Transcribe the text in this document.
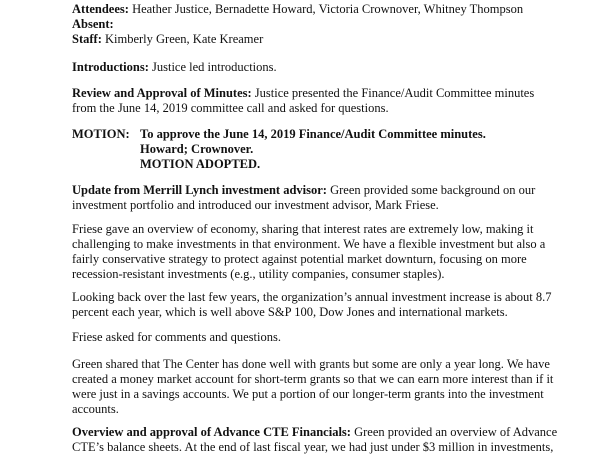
Attendees: Heather Justice, Bernadette Howard, Victoria Crownover, Whitney Thompson
Absent:
Staff: Kimberly Green, Kate Kreamer
Introductions: Justice led introductions.
Review and Approval of Minutes: Justice presented the Finance/Audit Committee minutes
from the June 14, 2019 committee call and asked for questions.
MOTION: To approve the June 14, 2019 Finance/Audit Committee minutes.
Howard; Crownover.
MOTION ADOPTED.
Update from Merrill Lynch investment advisor: Green provided some background on our
investment portfolio and introduced our investment advisor, Mark Friese.
Friese gave an overview of economy, sharing that interest rates are extremely low, making it
challenging to make investments in that environment. We have a flexible investment but also a
fairly conservative strategy to protect against potential market downturn, focusing on more
recession-resistant investments (e.g., utility companies, consumer staples).
Looking back over the last few years, the organization’s annual investment increase is about 8.7
percent each year, which is well above S&P 100, Dow Jones and international markets.
Friese asked for comments and questions.
Green shared that The Center has done well with grants but some are only a year long. We have
created a money market account for short-term grants so that we can earn more interest than if it
were just in a savings accounts. We put a portion of our longer-term grants into the investment
accounts.
Overview and approval of Advance CTE Financials: Green provided an overview of Advance
CTE’s balance sheets. At the end of last fiscal year, we had just under $3 million in investments,
